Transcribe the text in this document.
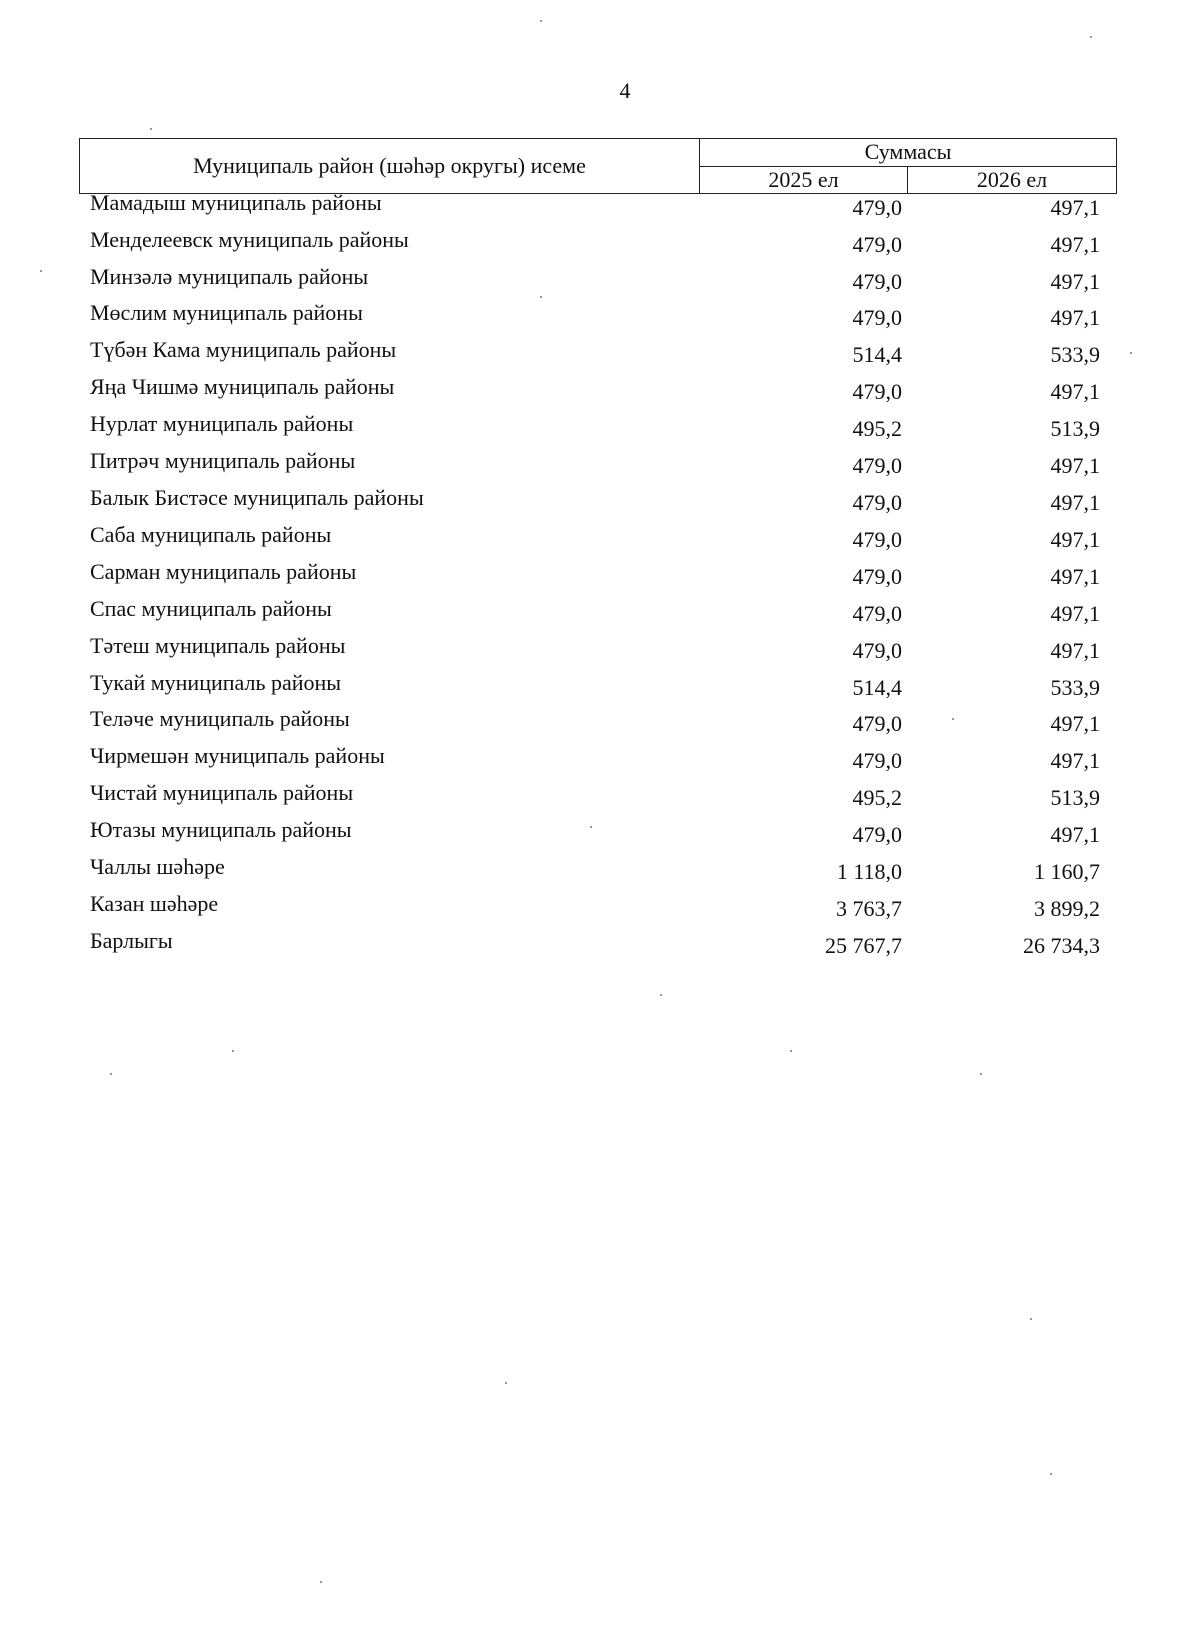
4
Муниципаль район (шәһәр округы) исеме	Суммасы	
	2025 ел	2026 ел
Мамадыш муниципаль районы	479,0	497,1
Менделеевск муниципаль районы	479,0	497,1
Минзәлә муниципаль районы	479,0	497,1
Мөслим муниципаль районы	479,0	497,1
Түбән Кама муниципаль районы	514,4	533,9
Яңа Чишмә муниципаль районы	479,0	497,1
Нурлат муниципаль районы	495,2	513,9
Питрәч муниципаль районы	479,0	497,1
Балык Бистәсе муниципаль районы	479,0	497,1
Саба муниципаль районы	479,0	497,1
Сарман муниципаль районы	479,0	497,1
Спас муниципаль районы	479,0	497,1
Тәтеш муниципаль районы	479,0	497,1
Тукай муниципаль районы	514,4	533,9
Теләче муниципаль районы	479,0	497,1
Чирмешән муниципаль районы	479,0	497,1
Чистай муниципаль районы	495,2	513,9
Ютазы муниципаль районы	479,0	497,1
Чаллы шәһәре	1 118,0	1 160,7
Казан шәһәре	3 763,7	3 899,2
Барлыгы	25 767,7	26 734,3
